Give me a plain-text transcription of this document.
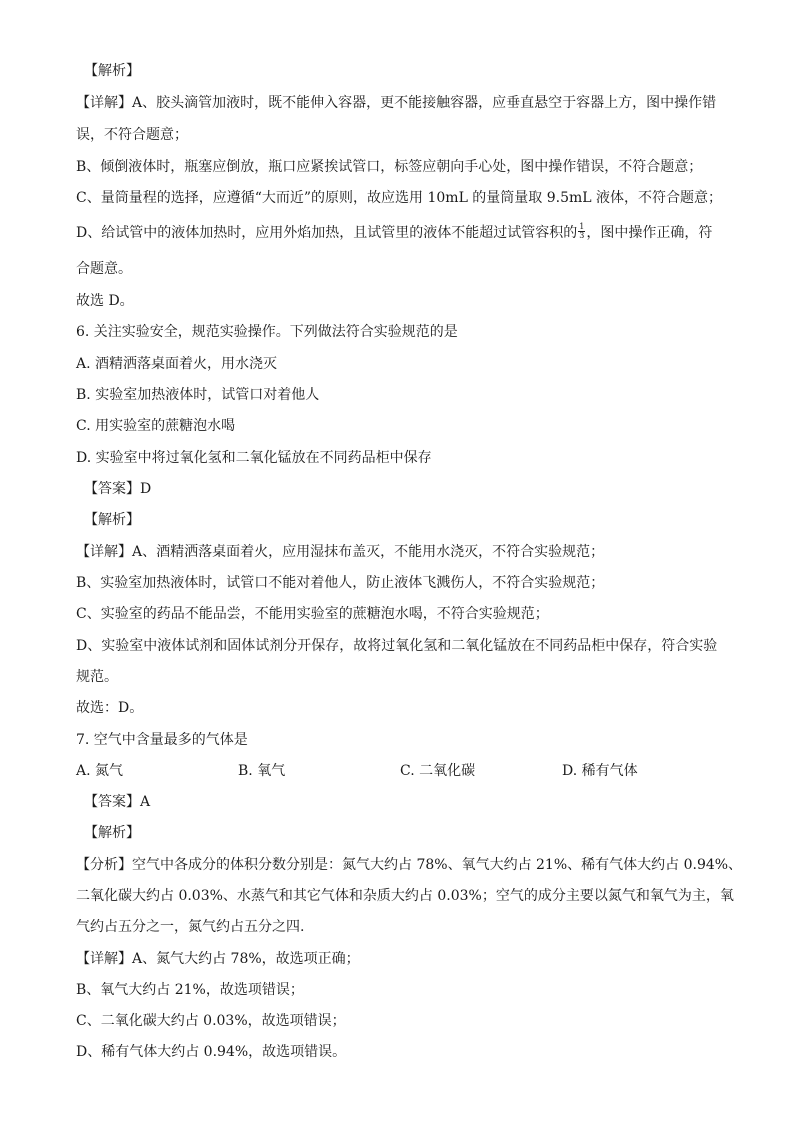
【解析】
【详解】A、胶头滴管加液时，既不能伸入容器，更不能接触容器，应垂直悬空于容器上方，图中操作错
误，不符合题意；
B、倾倒液体时，瓶塞应倒放，瓶口应紧挨试管口，标签应朝向手心处，图中操作错误，不符合题意；
C、量筒量程的选择，应遵循“大而近”的原则，故应选用 10mL 的量筒量取 9.5mL 液体，不符合题意；
D、给试管中的液体加热时，应用外焰加热，且试管里的液体不能超过试管容积的 $\frac{1}{3}$ ，图中操作正确，符
合题意。
故选 D。
6. 关注实验安全，规范实验操作。下列做法符合实验规范的是
A. 酒精洒落桌面着火，用水浇灭
B. 实验室加热液体时，试管口对着他人
C. 用实验室的蔗糖泡水喝
D. 实验室中将过氧化氢和二氧化锰放在不同药品柜中保存
【答案】D
【解析】
【详解】A、酒精洒落桌面着火，应用湿抹布盖灭，不能用水浇灭，不符合实验规范；
B、实验室加热液体时，试管口不能对着他人，防止液体飞溅伤人，不符合实验规范；
C、实验室的药品不能品尝，不能用实验室的蔗糖泡水喝，不符合实验规范；
D、实验室中液体试剂和固体试剂分开保存，故将过氧化氢和二氧化锰放在不同药品柜中保存，符合实验
规范。
故选：D。
7. 空气中含量最多的气体是
A. 氮气	B. 氧气	C. 二氧化碳	D. 稀有气体
【答案】A
【解析】
【分析】空气中各成分的体积分数分别是：氮气大约占 78%、氧气大约占 21%、稀有气体大约占 0.94%、
二氧化碳大约占 0.03%、水蒸气和其它气体和杂质大约占 0.03%；空气的成分主要以氮气和氧气为主，氧
气约占五分之一，氮气约占五分之四.
【详解】A、氮气大约占 78%，故选项正确；
B、氧气大约占 21%，故选项错误；
C、二氧化碳大约占 0.03%，故选项错误；
D、稀有气体大约占 0.94%，故选项错误。
